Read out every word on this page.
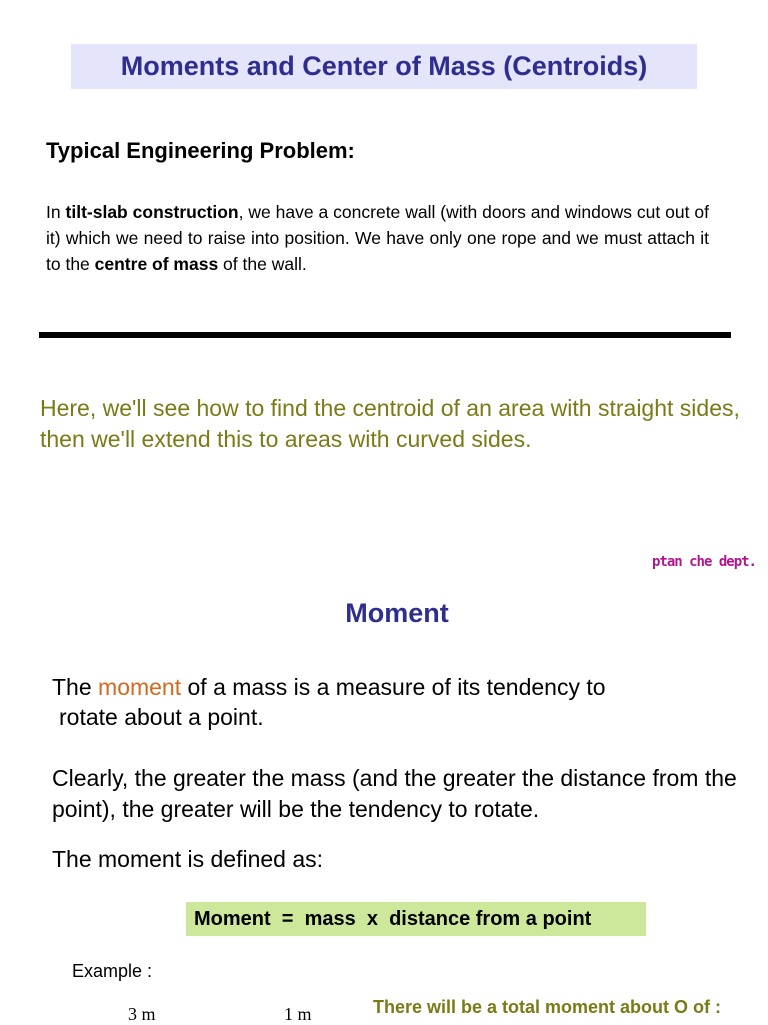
Moments and Center of Mass (Centroids)
Typical Engineering Problem:
In tilt-slab construction, we have a concrete wall (with doors and windows cut out of it) which we need to raise into position. We have only one rope and we must attach it to the centre of mass of the wall.
Here, we'll see how to find the centroid of an area with straight sides, then we'll extend this to areas with curved sides.
ptan che dept.
Moment
The moment of a mass is a measure of its tendency to
rotate about a point.
Clearly, the greater the mass (and the greater the distance from the point), the greater will be the tendency to rotate.
The moment is defined as:
Moment  =  mass  x  distance from a point
Example :
3 m	1 m	There will be a total moment about O of :
